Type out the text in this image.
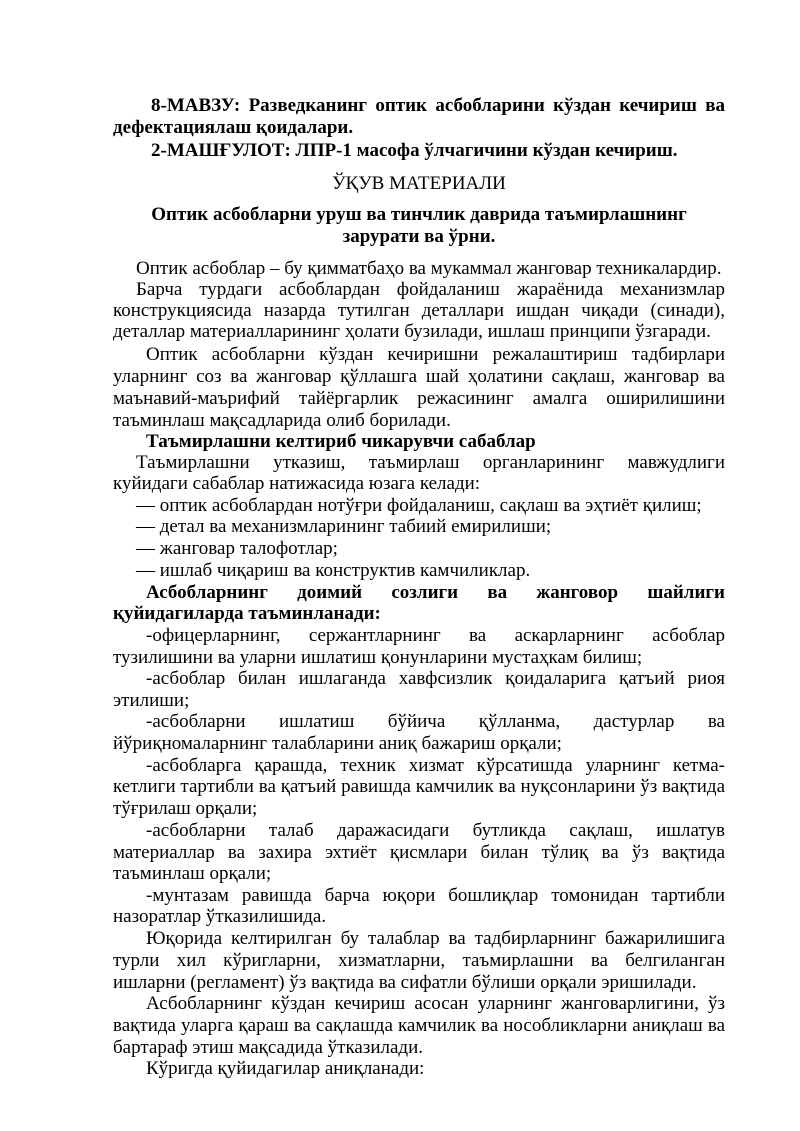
8-МАВЗУ: Разведканинг оптик асбобларини кўздан кечириш ва
дефектациялаш қоидалари.
2-МАШҒУЛОТ: ЛПР-1 масофа ўлчагичини кўздан кечириш.
ЎҚУВ МАТЕРИАЛИ
Оптик асбобларни уруш ва тинчлик даврида таъмирлашнинг
зарурати ва ўрни.
Оптик асбоблар – бу қимматбаҳо ва мукаммал жанговар техникалардир.
Барча турдаги асбоблардан фойдаланиш жараёнида механизмлар
конструкциясида назарда тутилган деталлари ишдан чиқади (синади),
деталлар материалларининг ҳолати бузилади, ишлаш принципи ўзгаради.
Оптик асбобларни кўздан кечиришни режалаштириш тадбирлари
уларнинг соз ва жанговар қўллашга шай ҳолатини сақлаш, жанговар ва
маънавий-маърифий тайёргарлик режасининг амалга оширилишини
таъминлаш мақсадларида олиб борилади.
Таъмирлашни келтириб чикарувчи сабаблар
Таъмирлашни утказиш, таъмирлаш органларининг мавжудлиги
куйидаги сабаблар натижасида юзага келади:
— оптик асбоблардан нотўғри фойдаланиш, сақлаш ва эҳтиёт қилиш;
— детал ва механизмларининг табиий емирилиши;
— жанговар талофотлар;
— ишлаб чиқариш ва конструктив камчиликлар.
Асбобларнинг доимий созлиги ва жанговор шайлиги
қуйидагиларда таъминланади:
-офицерларнинг, сержантларнинг ва аскарларнинг асбоблар
тузилишини ва уларни ишлатиш қонунларини мустаҳкам билиш;
-асбоблар билан ишлаганда хавфсизлик қоидаларига қатъий риоя
этилиши;
-асбобларни ишлатиш бўйича қўлланма, дастурлар ва
йўриқномаларнинг талабларини аниқ бажариш орқали;
-асбобларга қарашда, техник хизмат кўрсатишда уларнинг кетма-
кетлиги тартибли ва қатъий равишда камчилик ва нуқсонларини ўз вақтида
тўғрилаш орқали;
-асбобларни талаб даражасидаги бутликда сақлаш, ишлатув
материаллар ва захира эхтиёт қисмлари билан тўлиқ ва ўз вақтида
таъминлаш орқали;
-мунтазам равишда барча юқори бошлиқлар томонидан тартибли
назоратлар ўтказилишида.
Юқорида келтирилган бу талаблар ва тадбирларнинг бажарилишига
турли хил кўригларни, хизматларни, таъмирлашни ва белгиланган
ишларни (регламент) ўз вақтида ва сифатли бўлиши орқали эришилади.
Асбобларнинг кўздан кечириш асосан уларнинг жанговарлигини, ўз
вақтида уларга қараш ва сақлашда камчилик ва нособликларни аниқлаш ва
бартараф этиш мақсадида ўтказилади.
Кўригда қуйидагилар аниқланади:
